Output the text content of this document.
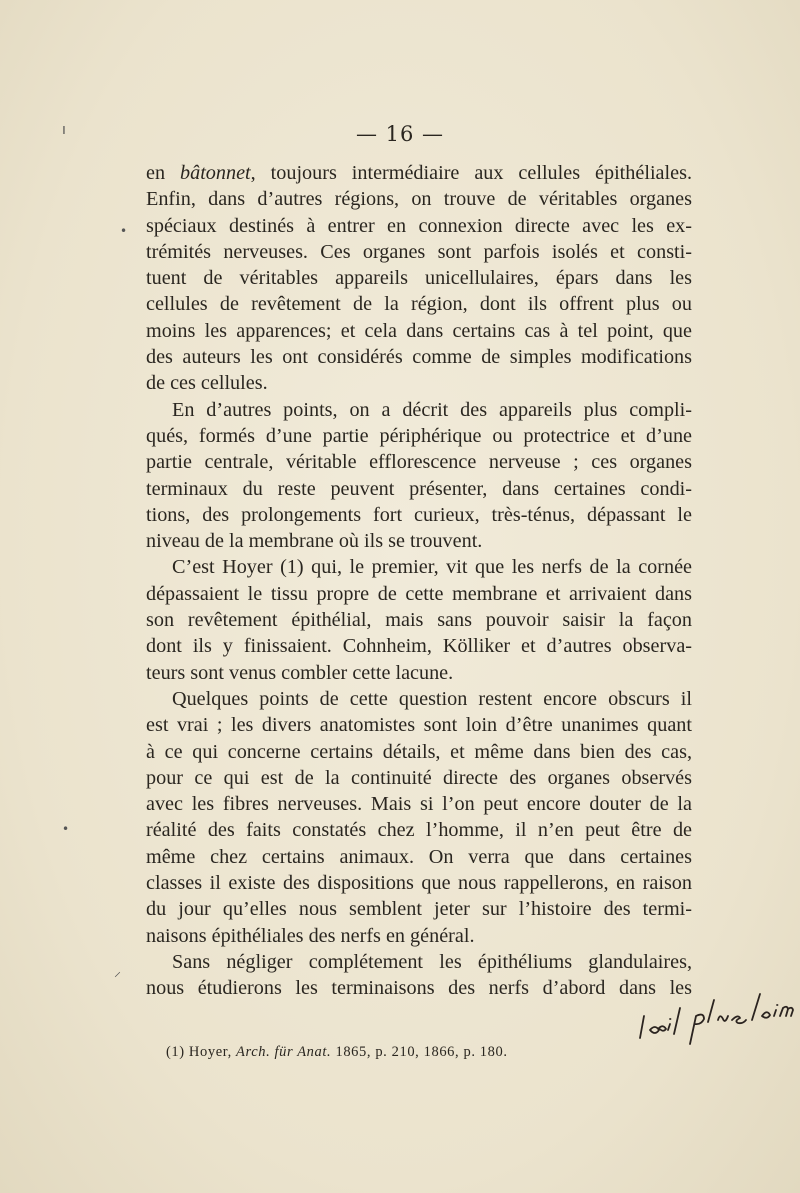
ı
•
•
⸝
— 16 —

en bâtonnet, toujours intermédiaire aux cellules épithéliales.

Enfin, dans d’autres régions, on trouve de véritables organes

spéciaux destinés à entrer en connexion directe avec les ex-

trémités nerveuses. Ces organes sont parfois isolés et consti-

tuent de véritables appareils unicellulaires, épars dans les

cellules de revêtement de la région, dont ils offrent plus ou

moins les apparences; et cela dans certains cas à tel point, que

des auteurs les ont considérés comme de simples modifications

de ces cellules.

En d’autres points, on a décrit des appareils plus compli-

qués, formés d’une partie périphérique ou protectrice et d’une

partie centrale, véritable efflorescence nerveuse ; ces organes

terminaux du reste peuvent présenter, dans certaines condi-

tions, des prolongements fort curieux, très-ténus, dépassant le

niveau de la membrane où ils se trouvent.

C’est Hoyer (1) qui, le premier, vit que les nerfs de la cornée

dépassaient le tissu propre de cette membrane et arrivaient dans

son revêtement épithélial, mais sans pouvoir saisir la façon

dont ils y finissaient. Cohnheim, Kölliker et d’autres observa-

teurs sont venus combler cette lacune.

Quelques points de cette question restent encore obscurs il

est vrai ; les divers anatomistes sont loin d’être unanimes quant

à ce qui concerne certains détails, et même dans bien des cas,

pour ce qui est de la continuité directe des organes observés

avec les fibres nerveuses. Mais si l’on peut encore douter de la

réalité des faits constatés chez l’homme, il n’en peut être de

même chez certains animaux. On verra que dans certaines

classes il existe des dispositions que nous rappellerons, en raison

du jour qu’elles nous semblent jeter sur l’histoire des termi-

naisons épithéliales des nerfs en général.

Sans négliger complétement les épithéliums glandulaires,

nous étudierons les terminaisons des nerfs d’abord dans les

(1) Hoyer, Arch. für Anat. 1865, p. 210, 1866, p. 180.
